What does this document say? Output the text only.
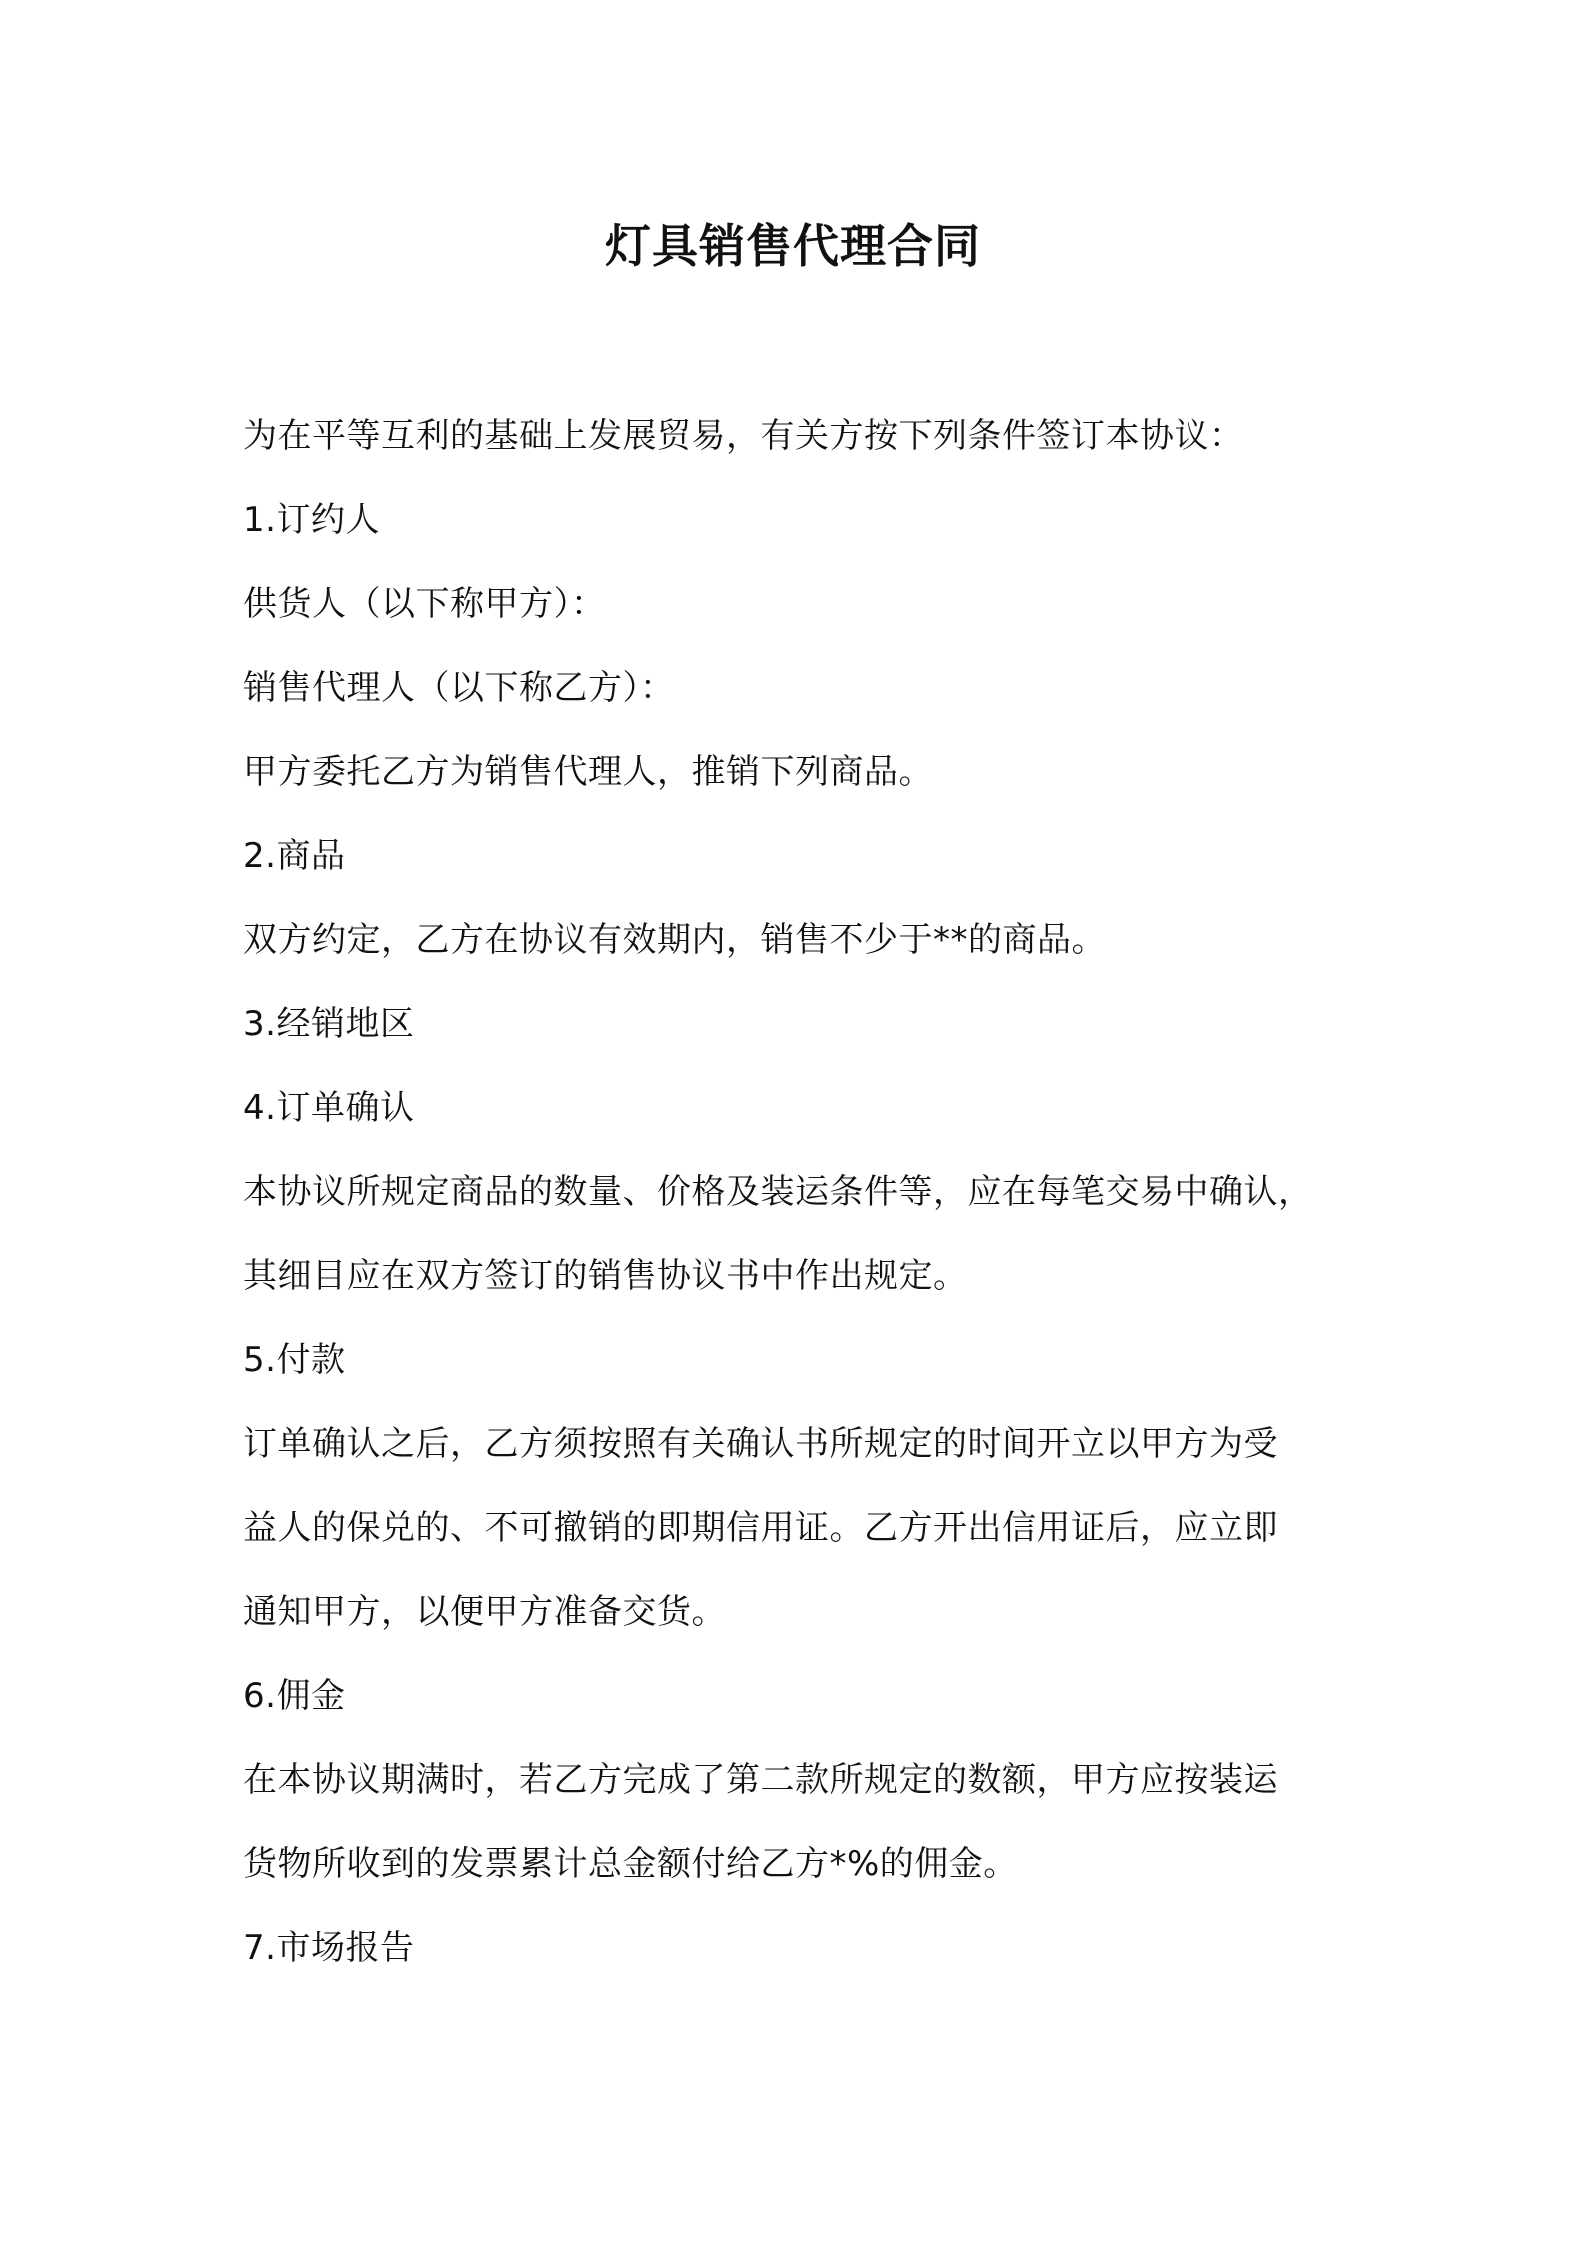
灯具销售代理合同
为在平等互利的基础上发展贸易，有关方按下列条件签订本协议：
1.订约人
供货人（以下称甲方）：
销售代理人（以下称乙方）：
甲方委托乙方为销售代理人，推销下列商品。
2.商品
双方约定，乙方在协议有效期内，销售不少于**的商品。
3.经销地区
4.订单确认
本协议所规定商品的数量、价格及装运条件等，应在每笔交易中确认，
其细目应在双方签订的销售协议书中作出规定。
5.付款
订单确认之后，乙方须按照有关确认书所规定的时间开立以甲方为受
益人的保兑的、不可撤销的即期信用证。乙方开出信用证后，应立即
通知甲方，以便甲方准备交货。
6.佣金
在本协议期满时，若乙方完成了第二款所规定的数额，甲方应按装运
货物所收到的发票累计总金额付给乙方*%的佣金。
7.市场报告
